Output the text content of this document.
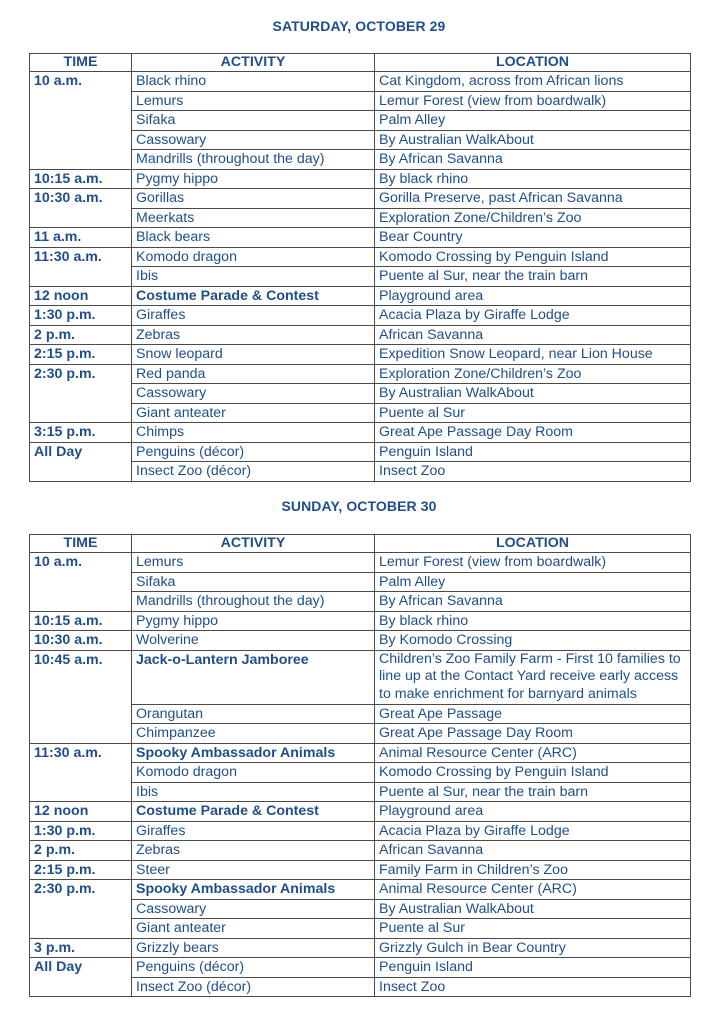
SATURDAY, OCTOBER 29
TIME	ACTIVITY	LOCATION
10 a.m.	Black rhino	Cat Kingdom, across from African lions
	Lemurs	Lemur Forest (view from boardwalk)
	Sifaka	Palm Alley
	Cassowary	By Australian WalkAbout
	Mandrills (throughout the day)	By African Savanna
10:15 a.m.	Pygmy hippo	By black rhino
10:30 a.m.	Gorillas	Gorilla Preserve, past African Savanna
	Meerkats	Exploration Zone/Children’s Zoo
11 a.m.	Black bears	Bear Country
11:30 a.m.	Komodo dragon	Komodo Crossing by Penguin Island
	Ibis	Puente al Sur, near the train barn
12 noon	Costume Parade & Contest	Playground area
1:30 p.m.	Giraffes	Acacia Plaza by Giraffe Lodge
2 p.m.	Zebras	African Savanna
2:15 p.m.	Snow leopard	Expedition Snow Leopard, near Lion House
2:30 p.m.	Red panda	Exploration Zone/Children’s Zoo
	Cassowary	By Australian WalkAbout
	Giant anteater	Puente al Sur
3:15 p.m.	Chimps	Great Ape Passage Day Room
All Day	Penguins (décor)	Penguin Island
	Insect Zoo (décor)	Insect Zoo
SUNDAY, OCTOBER 30
TIME	ACTIVITY	LOCATION
10 a.m.	Lemurs	Lemur Forest (view from boardwalk)
	Sifaka	Palm Alley
	Mandrills (throughout the day)	By African Savanna
10:15 a.m.	Pygmy hippo	By black rhino
10:30 a.m.	Wolverine	By Komodo Crossing
10:45 a.m.	Jack-o-Lantern Jamboree	Children’s Zoo Family Farm - First 10 families to line up at the Contact Yard receive early access to make enrichment for barnyard animals
	Orangutan	Great Ape Passage
	Chimpanzee	Great Ape Passage Day Room
11:30 a.m.	Spooky Ambassador Animals	Animal Resource Center (ARC)
	Komodo dragon	Komodo Crossing by Penguin Island
	Ibis	Puente al Sur, near the train barn
12 noon	Costume Parade & Contest	Playground area
1:30 p.m.	Giraffes	Acacia Plaza by Giraffe Lodge
2 p.m.	Zebras	African Savanna
2:15 p.m.	Steer	Family Farm in Children’s Zoo
2:30 p.m.	Spooky Ambassador Animals	Animal Resource Center (ARC)
	Cassowary	By Australian WalkAbout
	Giant anteater	Puente al Sur
3 p.m.	Grizzly bears	Grizzly Gulch in Bear Country
All Day	Penguins (décor)	Penguin Island
	Insect Zoo (décor)	Insect Zoo
